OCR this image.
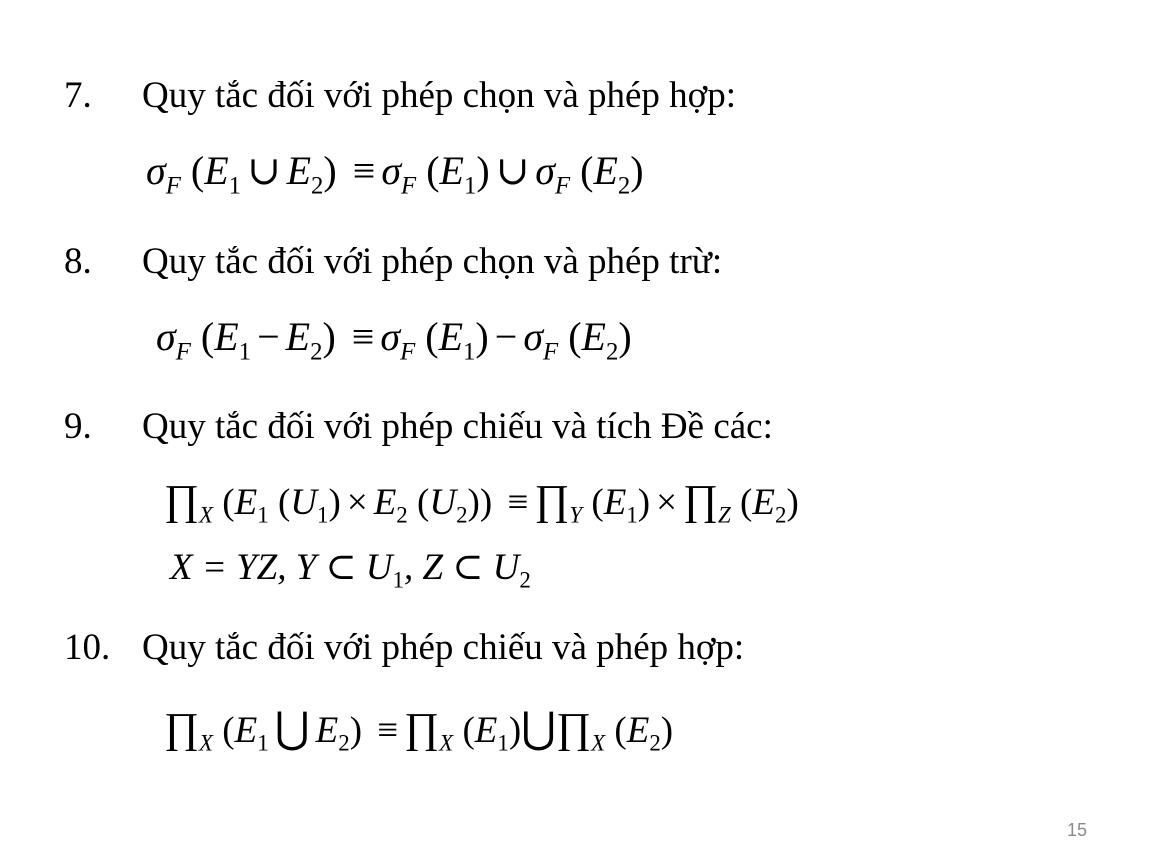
7. Quy tắc đối với phép chọn và phép hợp:
$\sigma_F$ ($E_1$ ∪ $E_2) \equiv \sigma_F$ $(E_1)$ ∪ $\sigma_F$ $(E_2)$
8. Quy tắc đối với phép chọn và phép trừ:
$\sigma_F$ $(E_1 - E_2) \equiv \sigma_F$ $(E_1) - \sigma_F$ $(E_2)$
9. Quy tắc đối với phép chiếu và tích Đề các:
$\prod_X$ ($E_1$ $(U_1) \times E_2$ $(U_2)$) ≡ $\prod_Y$ $(E_1)$ × $\prod_Z$ $(E_2)$
X = YZ, Y ⊂ $U_1$, Z ⊂ $U_2$
10. Quy tắc đối với phép chiếu và phép hợp:
$\prod_X$ ($E_1$ ⋃ $E_2$) ≡ $\prod_X$ $(E_1)⋃\prod_X$ $(E_2)$
15
